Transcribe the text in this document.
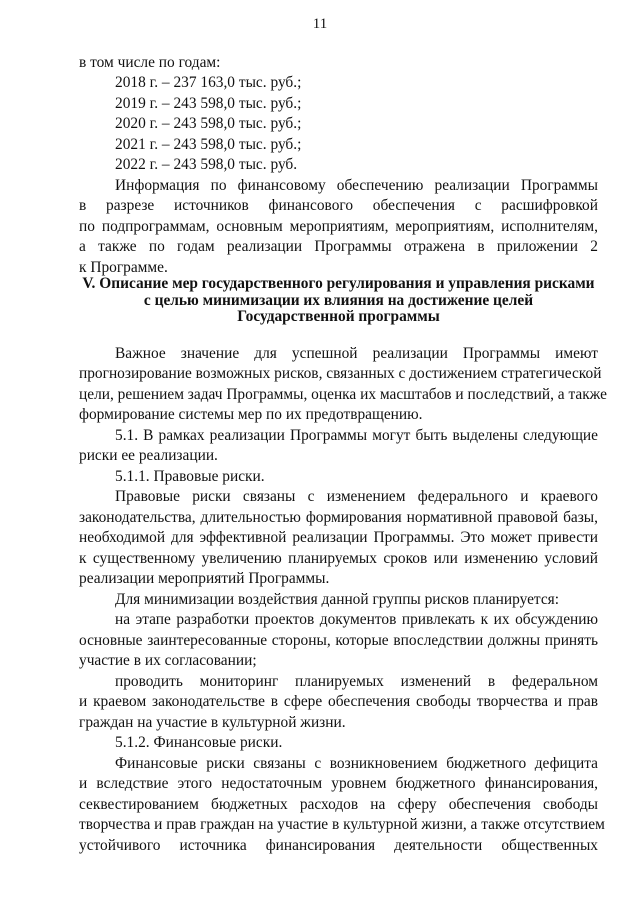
11
в том числе по годам:
2018 г. – 237 163,0 тыс. руб.;
2019 г. – 243 598,0 тыс. руб.;
2020 г. – 243 598,0 тыс. руб.;
2021 г. – 243 598,0 тыс. руб.;
2022 г. – 243 598,0 тыс. руб.
Информация по финансовому обеспечению реализации Программы
в разрезе источников финансового обеспечения с расшифровкой
по подпрограммам, основным мероприятиям, мероприятиям, исполнителям,
а также по годам реализации Программы отражена в приложении 2
к Программе.
V. Описание мер государственного регулирования и управления рисками
с целью минимизации их влияния на достижение целей
Государственной программы
Важное значение для успешной реализации Программы имеют
прогнозирование возможных рисков, связанных с достижением стратегической
цели, решением задач Программы, оценка их масштабов и последствий, а также
формирование системы мер по их предотвращению.
5.1. В рамках реализации Программы могут быть выделены следующие
риски ее реализации.
5.1.1. Правовые риски.
Правовые риски связаны с изменением федерального и краевого
законодательства, длительностью формирования нормативной правовой базы,
необходимой для эффективной реализации Программы. Это может привести
к существенному увеличению планируемых сроков или изменению условий
реализации мероприятий Программы.
Для минимизации воздействия данной группы рисков планируется:
на этапе разработки проектов документов привлекать к их обсуждению
основные заинтересованные стороны, которые впоследствии должны принять
участие в их согласовании;
проводить мониторинг планируемых изменений в федеральном
и краевом законодательстве в сфере обеспечения свободы творчества и прав
граждан на участие в культурной жизни.
5.1.2. Финансовые риски.
Финансовые риски связаны с возникновением бюджетного дефицита
и вследствие этого недостаточным уровнем бюджетного финансирования,
секвестированием бюджетных расходов на сферу обеспечения свободы
творчества и прав граждан на участие в культурной жизни, а также отсутствием
устойчивого источника финансирования деятельности общественных
